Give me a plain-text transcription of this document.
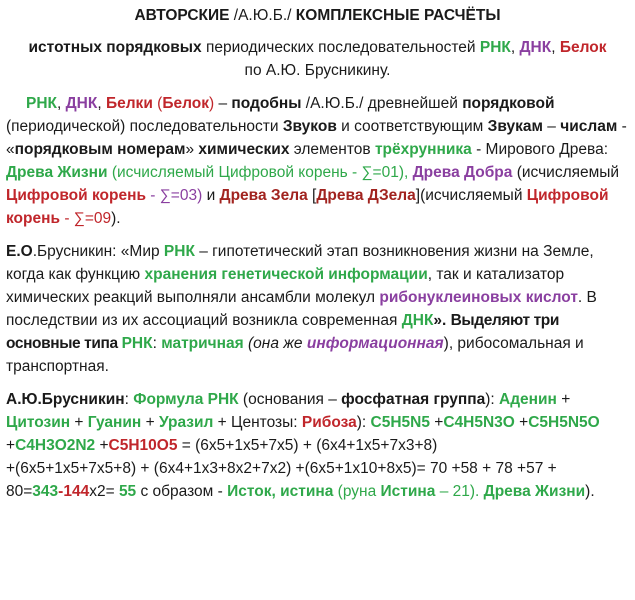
АВТОРСКИЕ /А.Ю.Б./ КОМПЛЕКСНЫЕ РАСЧЁТЫ

истотных порядковых периодических последовательностей РНК, ДНК, Белок
по А.Ю. Брусникину.

РНК, ДНК, Белки (Белок) – подобны /А.Ю.Б./ древнейшей порядковой (периодической) последовательности Звуков и соответствующим Звукам – числам - «порядковым номерам» химических элементов трёхрунника - Мирового Древа: Древа Жизни (исчисляемый Цифровой корень - ∑=01), Древа Добра (исчисляемый Цифровой корень - ∑=03) и Древа Зела [Древа ДЗела](исчисляемый Цифровой корень - ∑=09).

Е.О.Брусникин: «Мир РНК – гипотетический этап возникновения жизни на Земле, когда как функцию хранения генетической информации, так и катализатор химических реакций выполняли ансамбли молекул рибонуклеиновых кислот. В последствии из их ассоциаций возникла современная ДНК». Выделяют три основные типа РНК: матричная (она же информационная), рибосомальная и транспортная.

А.Ю.Брусникин: Формула РНК (основания – фосфатная группа): Аденин + Цитозин + Гуанин + Уразил + Центозы: Рибоза): С5Н5N5 +С4Н5N3О +С5Н5N5О +С4Н3О2N2 +С5Н10О5 = (6х5+1х5+7х5) + (6х4+1х5+7х3+8)
+(6х5+1х5+7х5+8) + (6х4+1х3+8х2+7х2) +(6х5+1х10+8х5)= 70 +58 + 78 +57 +
80=343-144х2= 55 с образом - Исток, истина (руна Истина – 21). Древа Жизни).
